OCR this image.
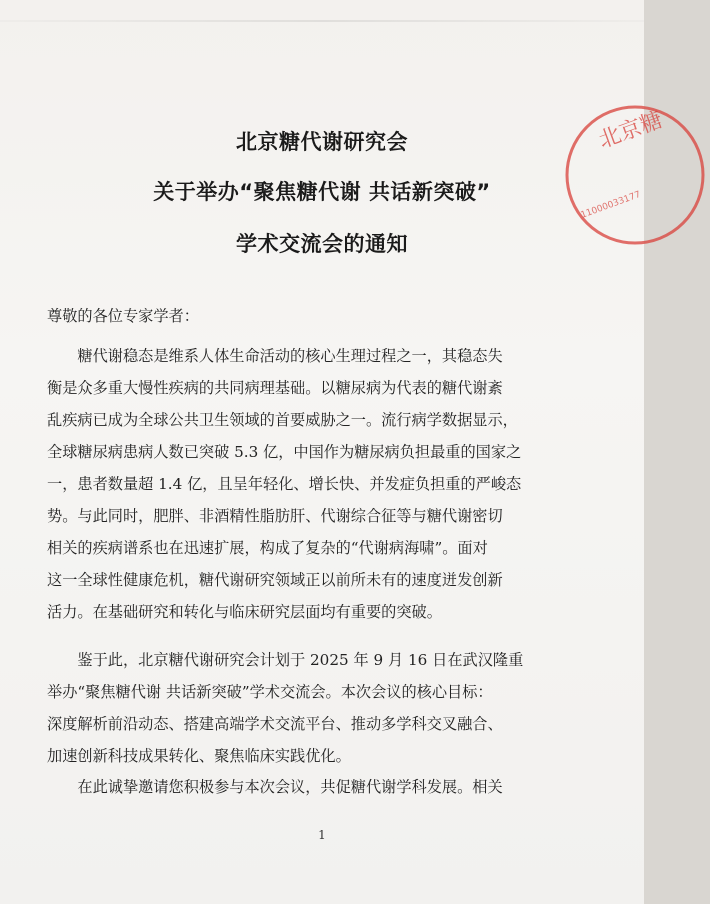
北京糖
11000033177
北京糖代谢研究会
关于举办“聚焦糖代谢 共话新突破”
学术交流会的通知
尊敬的各位专家学者：
　　糖代谢稳态是维系人体生命活动的核心生理过程之一，其稳态失
衡是众多重大慢性疾病的共同病理基础。以糖尿病为代表的糖代谢紊
乱疾病已成为全球公共卫生领域的首要威胁之一。流行病学数据显示，
全球糖尿病患病人数已突破 5.3 亿，中国作为糖尿病负担最重的国家之
一，患者数量超 1.4 亿，且呈年轻化、增长快、并发症负担重的严峻态
势。与此同时，肥胖、非酒精性脂肪肝、代谢综合征等与糖代谢密切
相关的疾病谱系也在迅速扩展，构成了复杂的“代谢病海啸”。面对
这一全球性健康危机，糖代谢研究领域正以前所未有的速度迸发创新
活力。在基础研究和转化与临床研究层面均有重要的突破。
　　鉴于此，北京糖代谢研究会计划于 2025 年 9 月 16 日在武汉隆重
举办“聚焦糖代谢 共话新突破”学术交流会。本次会议的核心目标：
深度解析前沿动态、搭建高端学术交流平台、推动多学科交叉融合、
加速创新科技成果转化、聚焦临床实践优化。
　　在此诚挚邀请您积极参与本次会议，共促糖代谢学科发展。相关
1
